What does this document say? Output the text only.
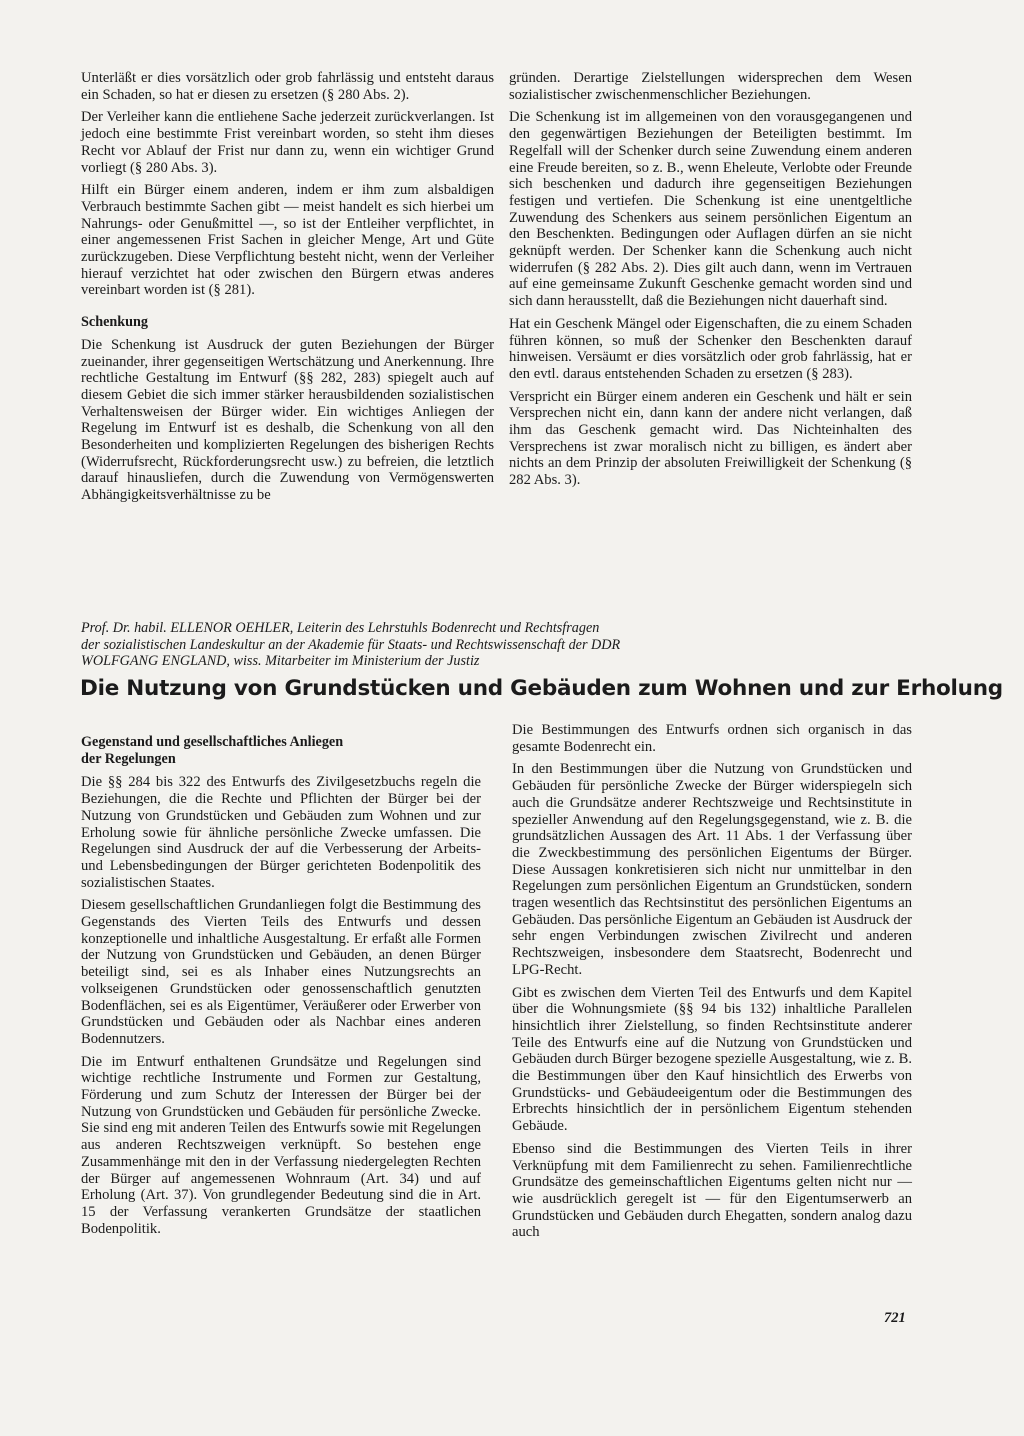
Unterläßt er dies vorsätzlich oder grob fahrlässig und entsteht daraus ein Schaden, so hat er diesen zu ersetzen (§ 280 Abs. 2).

Der Verleiher kann die entliehene Sache jederzeit zurückverlangen. Ist jedoch eine bestimmte Frist vereinbart worden, so steht ihm dieses Recht vor Ablauf der Frist nur dann zu, wenn ein wichtiger Grund vorliegt (§ 280 Abs. 3).

Hilft ein Bürger einem anderen, indem er ihm zum alsbaldigen Verbrauch bestimmte Sachen gibt — meist handelt es sich hierbei um Nahrungs- oder Genußmittel —, so ist der Entleiher verpflichtet, in einer angemessenen Frist Sachen in gleicher Menge, Art und Güte zurückzugeben. Diese Verpflichtung besteht nicht, wenn der Verleiher hierauf verzichtet hat oder zwischen den Bürgern etwas anderes vereinbart worden ist (§ 281).

Schenkung

Die Schenkung ist Ausdruck der guten Beziehungen der Bürger zueinander, ihrer gegenseitigen Wertschätzung und Anerkennung. Ihre rechtliche Gestaltung im Entwurf (§§ 282, 283) spiegelt auch auf diesem Gebiet die sich immer stärker herausbildenden sozialistischen Verhaltensweisen der Bürger wider. Ein wichtiges Anliegen der Regelung im Entwurf ist es deshalb, die Schenkung von all den Besonderheiten und komplizierten Regelungen des bisherigen Rechts (Widerrufsrecht, Rückforderungsrecht usw.) zu befreien, die letztlich darauf hinausliefen, durch die Zuwendung von Vermögenswerten Abhängigkeitsverhältnisse zu be

gründen. Derartige Zielstellungen widersprechen dem Wesen sozialistischer zwischenmenschlicher Beziehungen.

Die Schenkung ist im allgemeinen von den vorausgegangenen und den gegenwärtigen Beziehungen der Beteiligten bestimmt. Im Regelfall will der Schenker durch seine Zuwendung einem anderen eine Freude bereiten, so z. B., wenn Eheleute, Verlobte oder Freunde sich beschenken und dadurch ihre gegenseitigen Beziehungen festigen und vertiefen. Die Schenkung ist eine unentgeltliche Zuwendung des Schenkers aus seinem persönlichen Eigentum an den Beschenkten. Bedingungen oder Auflagen dürfen an sie nicht geknüpft werden. Der Schenker kann die Schenkung auch nicht widerrufen (§ 282 Abs. 2). Dies gilt auch dann, wenn im Vertrauen auf eine gemeinsame Zukunft Geschenke gemacht worden sind und sich dann herausstellt, daß die Beziehungen nicht dauerhaft sind.

Hat ein Geschenk Mängel oder Eigenschaften, die zu einem Schaden führen können, so muß der Schenker den Beschenkten darauf hinweisen. Versäumt er dies vorsätzlich oder grob fahrlässig, hat er den evtl. daraus entstehenden Schaden zu ersetzen (§ 283).

Verspricht ein Bürger einem anderen ein Geschenk und hält er sein Versprechen nicht ein, dann kann der andere nicht verlangen, daß ihm das Geschenk gemacht wird. Das Nichteinhalten des Versprechens ist zwar moralisch nicht zu billigen, es ändert aber nichts an dem Prinzip der absoluten Freiwilligkeit der Schenkung (§ 282 Abs. 3).

Prof. Dr. habil. ELLENOR OEHLER, Leiterin des Lehrstuhls Bodenrecht und Rechtsfragen
der sozialistischen Landeskultur an der Akademie für Staats- und Rechtswissenschaft der DDR
WOLFGANG ENGLAND, wiss. Mitarbeiter im Ministerium der Justiz
Die Nutzung von Grundstücken und Gebäuden zum Wohnen und zur Erholung

Gegenstand und gesellschaftliches Anliegen
der Regelungen

Die §§ 284 bis 322 des Entwurfs des Zivilgesetzbuchs regeln die Beziehungen, die die Rechte und Pflichten der Bürger bei der Nutzung von Grundstücken und Gebäuden zum Wohnen und zur Erholung sowie für ähnliche persönliche Zwecke umfassen. Die Regelungen sind Ausdruck der auf die Verbesserung der Arbeits- und Lebensbedingungen der Bürger gerichteten Bodenpolitik des sozialistischen Staates.

Diesem gesellschaftlichen Grundanliegen folgt die Bestimmung des Gegenstands des Vierten Teils des Entwurfs und dessen konzeptionelle und inhaltliche Ausgestaltung. Er erfaßt alle Formen der Nutzung von Grundstücken und Gebäuden, an denen Bürger beteiligt sind, sei es als Inhaber eines Nutzungsrechts an volkseigenen Grundstücken oder genossenschaftlich genutzten Bodenflächen, sei es als Eigentümer, Veräußerer oder Erwerber von Grundstücken und Gebäuden oder als Nachbar eines anderen Bodennutzers.

Die im Entwurf enthaltenen Grundsätze und Regelungen sind wichtige rechtliche Instrumente und Formen zur Gestaltung, Förderung und zum Schutz der Interessen der Bürger bei der Nutzung von Grundstücken und Gebäuden für persönliche Zwecke. Sie sind eng mit anderen Teilen des Entwurfs sowie mit Regelungen aus anderen Rechtszweigen verknüpft. So bestehen enge Zusammenhänge mit den in der Verfassung niedergelegten Rechten der Bürger auf angemessenen Wohnraum (Art. 34) und auf Erholung (Art. 37). Von grundlegender Bedeutung sind die in Art. 15 der Verfassung verankerten Grundsätze der staatlichen Bodenpolitik.

Die Bestimmungen des Entwurfs ordnen sich organisch in das gesamte Bodenrecht ein.

In den Bestimmungen über die Nutzung von Grundstücken und Gebäuden für persönliche Zwecke der Bürger widerspiegeln sich auch die Grundsätze anderer Rechtszweige und Rechtsinstitute in spezieller Anwendung auf den Regelungsgegenstand, wie z. B. die grundsätzlichen Aussagen des Art. 11 Abs. 1 der Verfassung über die Zweckbestimmung des persönlichen Eigentums der Bürger. Diese Aussagen konkretisieren sich nicht nur unmittelbar in den Regelungen zum persönlichen Eigentum an Grundstücken, sondern tragen wesentlich das Rechtsinstitut des persönlichen Eigentums an Gebäuden. Das persönliche Eigentum an Gebäuden ist Ausdruck der sehr engen Verbindungen zwischen Zivilrecht und anderen Rechtszweigen, insbesondere dem Staatsrecht, Bodenrecht und LPG-Recht.

Gibt es zwischen dem Vierten Teil des Entwurfs und dem Kapitel über die Wohnungsmiete (§§ 94 bis 132) inhaltliche Parallelen hinsichtlich ihrer Zielstellung, so finden Rechtsinstitute anderer Teile des Entwurfs eine auf die Nutzung von Grundstücken und Gebäuden durch Bürger bezogene spezielle Ausgestaltung, wie z. B. die Bestimmungen über den Kauf hinsichtlich des Erwerbs von Grundstücks- und Gebäudeeigentum oder die Bestimmungen des Erbrechts hinsichtlich der in persönlichem Eigentum stehenden Gebäude.

Ebenso sind die Bestimmungen des Vierten Teils in ihrer Verknüpfung mit dem Familienrecht zu sehen. Familienrechtliche Grundsätze des gemeinschaftlichen Eigentums gelten nicht nur — wie ausdrücklich geregelt ist — für den Eigentumserwerb an Grundstücken und Gebäuden durch Ehegatten, sondern analog dazu auch

721
